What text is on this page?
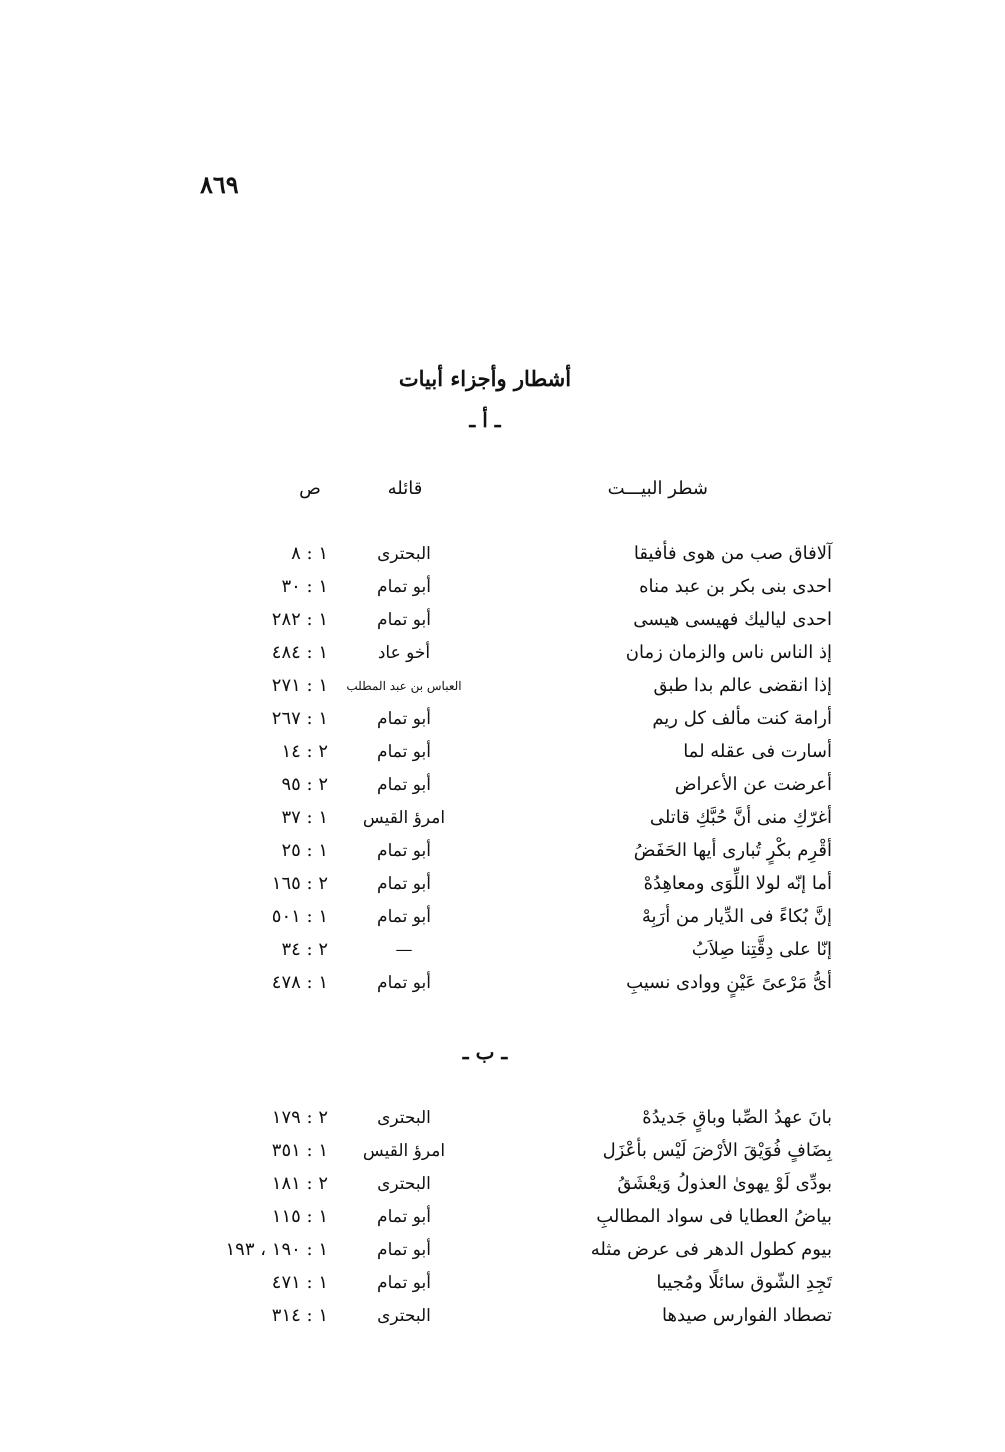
٨٦٩
أشطار وأجزاء أبيات
ـ أ ـ
شطر البيـــت
قائله
ص
آلافاق صب من هوى فأفيقا
البحترى
١ : ٨
احدى بنى بكر بن عبد مناه
أبو تمام
١ : ٣٠
احدى لياليك فهيسى هيسى
أبو تمام
١ : ٢٨٢
إذ الناس ناس والزمان زمان
أخو عاد
١ : ٤٨٤
إذا انقضى عالم بدا طبق
العباس بن عبد المطلب
١ : ٢٧١
أرامة كنت مألف كل ريم
أبو تمام
١ : ٢٦٧
أسارت فى عقله لما
أبو تمام
٢ : ١٤
أعرضت عن الأعراض
أبو تمام
٢ : ٩٥
أغرّكِ منى أنَّ حُبَّكِ قاتلى
امرؤ القيس
١ : ٣٧
أقْرِم بكْرٍ تُبارى أيها الحَفَضُ
أبو تمام
١ : ٢٥
أما إنّه لولا اللِّوَى ومعاهِدُهْ
أبو تمام
٢ : ١٦٥
إنَّ بُكاءً فى الدِّيار من أرَبِهْ
أبو تمام
١ : ٥٠١
إنّا على دِقَّتِنا صِلاَبُ
—
٢ : ٣٤
أىُّ مَرْعىً عَيْنٍ ووادى نسيبِ
أبو تمام
١ : ٤٧٨
ـ ب ـ
بانَ عهدُ الصِّبا وباقٍ جَديدُهْ
البحترى
٢ : ١٧٩
بِضَافٍ فُوَيْقَ الأرْضَ لَيْس بأعْزَل
امرؤ القيس
١ : ٣٥١
بودِّى لَوْ يهوىٰ العذولُ وَيعْشَقُ
البحترى
٢ : ١٨١
بياضُ العطايا فى سواد المطالبِ
أبو تمام
١ : ١١٥
بيوم كطول الدهر فى عرض مثله
أبو تمام
١ : ١٩٠ ، ١٩٣
تَجِدِ الشّوق سائلًا ومُجيبا
أبو تمام
١ : ٤٧١
تصطاد الفوارس صيدها
البحترى
١ : ٣١٤
